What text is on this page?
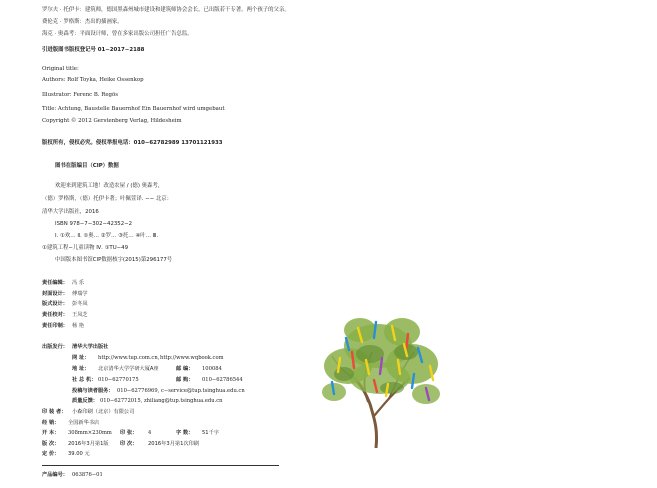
罗尔夫 · 托伊卡：建筑师，德国黑森州城市建设和建筑师协会会长。已出版若干专著。两个孩子的父亲。
费伦克 · 罗格斯：杰出的插画家。
海克 · 奥森考：平面设计师，曾在多家出版公司担任广告总监。
引进版图书版权登记号 01−2017−2188
Original title:
Authors: Rolf Toyka, Heike Ossenkop
Illustrator: Ferenc B. Regös
Title: Achtung, Baustelle Bauernhof Ein Bauernhof wird umgebaut
Copyright © 2012 Gerstenberg Verlag, Hildesheim
版权所有，侵权必究。侵权举报电话：010−62782989 13701121933
图书在版编目（CIP）数据
欢迎来到建筑工地！改造农屋 / (德) 奥森考，
（德）罗格斯，（德）托伊卡著；叶佩萱译. −− 北京：
清华大学出版社，2016
ISBN 978−7−302−42352−2
Ⅰ. ①欢… Ⅱ. ①奥… ②罗… ③托… ④叶… Ⅲ.
①建筑工程−儿童读物 Ⅳ. ①TU−49
中国版本图书馆CIP数据核字(2015)第296177号
责任编辑： 冯 乐
封面设计： 傅瑞学
版式设计： 彭冬凤
责任校对： 王凤芝
责任印制： 杨 艳
出版发行： 清华大学出版社
网 址： http://www.tup.com.cn, http://www.wqbook.com
地 址： 北京清华大学学研大厦A座	邮 编： 100084
社 总 机： 010−62770175	邮 购： 010−62786544
投稿与读者服务： 010−62776969, c−service@tup.tsinghua.edu.cn
质量反馈： 010−62772015, zhiliang@tup.tsinghua.edu.cn
印 装 者： 小森印刷（北京）有限公司
经 销： 全国新华书店
开 本： 308mm×230mm 印 张： 4	字 数： 51千字
版 次： 2016年3月第1版 印 次： 2016年3月第1次印刷
定 价： 39.00 元
产品编号： 063876−01
